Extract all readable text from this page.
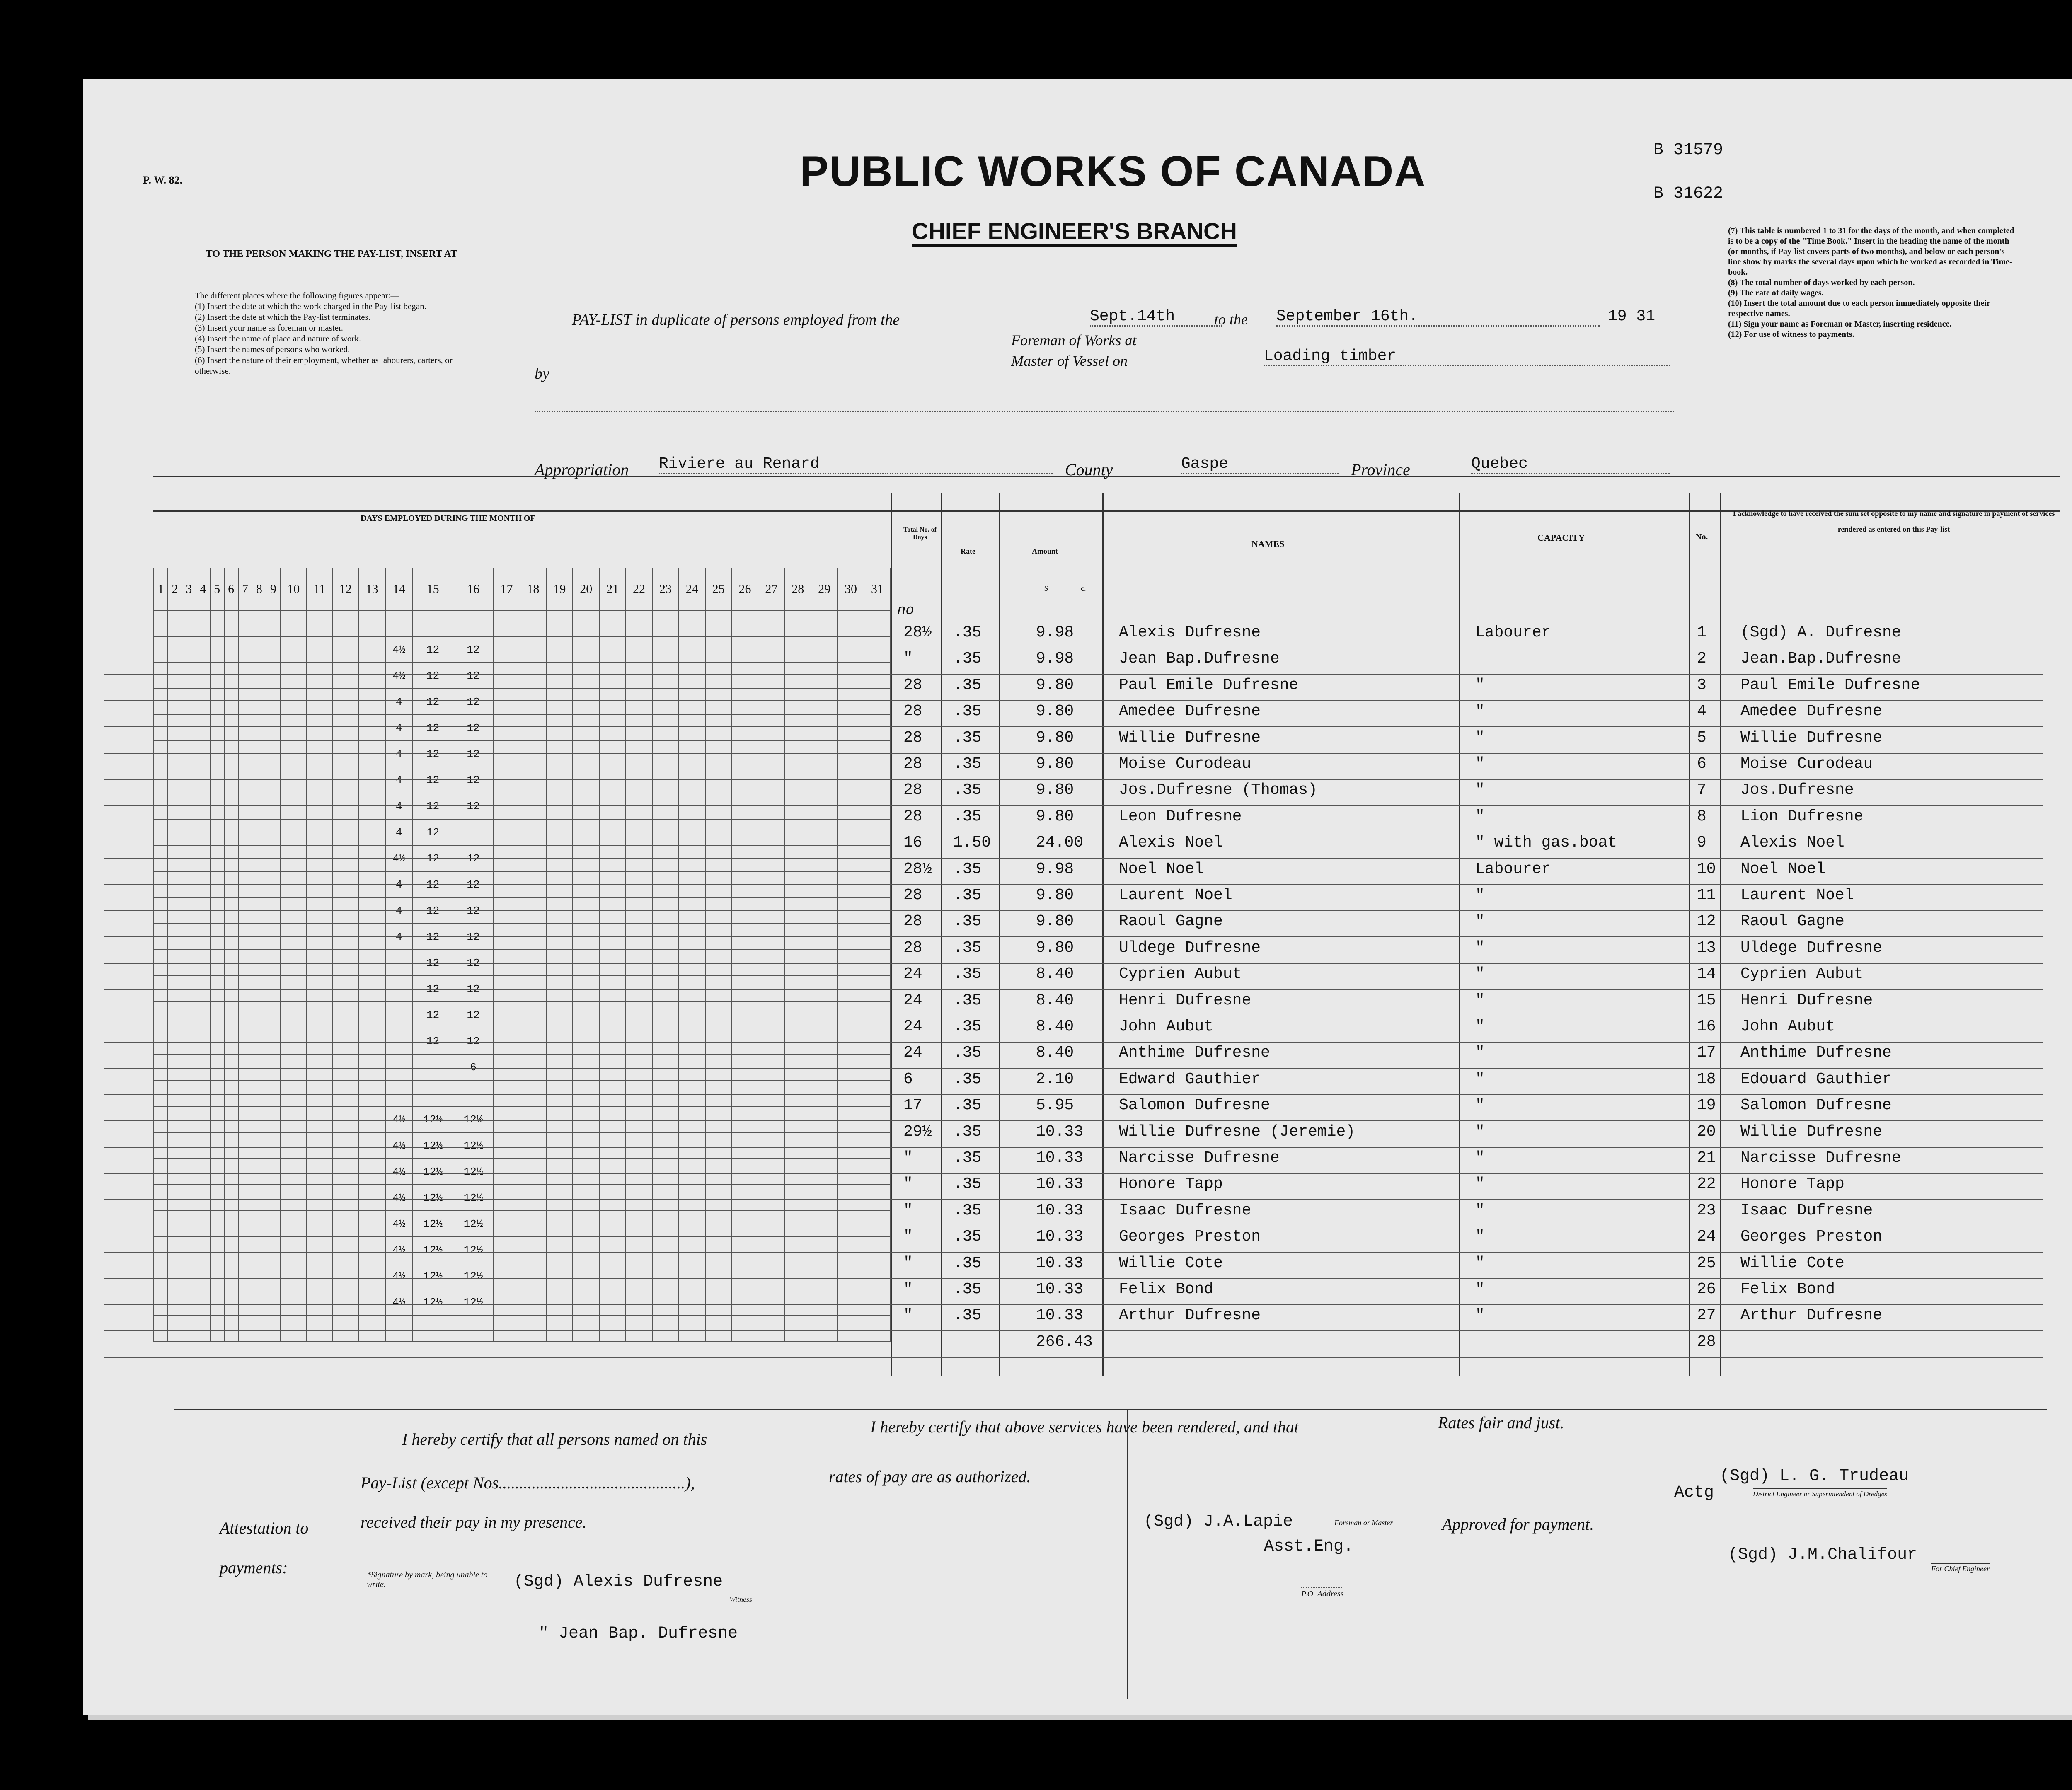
P. W. 82.	PUBLIC WORKS OF CANADA
CHIEF ENGINEER'S BRANCH
B 31579
B 31622
TO THE PERSON MAKING THE PAY-LIST, INSERT AT
The different places where the following figures appear:—
(1) Insert the date at which the work charged in the Pay-list began.
(2) Insert the date at which the Pay-list terminates.
(3) Insert your name as foreman or master.
(4) Insert the name of place and nature of work.
(5) Insert the names of persons who worked.
(6) Insert the nature of their employment, whether as labourers, carters, or otherwise.
(7) This table is numbered 1 to 31 for the days of the month, and when completed is to be a copy of the "Time Book." Insert in the heading the name of the month (or months, if Pay-list covers parts of two months), and below or each person's line show by marks the several days upon which he worked as recorded in Time-book.
(8) The total number of days worked by each person.
(9) The rate of daily wages.
(10) Insert the total amount due to each person immediately opposite their respective names.
(11) Sign your name as Foreman or Master, inserting residence.
(12) For use of witness to payments.
PAY-LIST in duplicate of persons employed from the	Sept.14th	to the September 16th.	19 31
by
Foreman of Works at
Master of Vessel on	Loading timber
Appropriation Riviere au Renard	County	Gaspe	Province	Quebec
DAYS EMPLOYED DURING THE MONTH OF
Total No. of Days
Rate	Amount
$	c.
NAMES
CAPACITY	No.
I acknowledge to have received the sum set opposite to my name and signature in payment of services rendered as entered on this Pay-list
no
1	2	3	4	5	6	7	8	9	10	11	12	13	14	15	16	17	18	19	20	21	22	23	24	25	26	27	28	29	30	31

													4½	12	12															
													4½	12	12															
													4	12	12															
													4	12	12															
													4	12	12															
													4	12	12															
													4	12	12															
													4	12																
													4½	12	12															
													4	12	12															
													4	12	12															
													4	12	12															
														12	12															
														12	12															
														12	12															
														12	12															
															6															

													4½	12½	12½															
													4½	12½	12½															
													4½	12½	12½															
													4½	12½	12½															
													4½	12½	12½															
													4½	12½	12½															
													4½	12½	12½															
													4½	12½	12½															

28½ .35	9.98	Alexis Dufresne	Labourer	1 (Sgd) A. Dufresne
"	.35	9.98	Jean Bap.Dufresne	2 Jean.Bap.Dufresne
28 .35	9.80	Paul Emile Dufresne	"	3 Paul Emile Dufresne
28 .35	9.80	Amedee Dufresne	"	4 Amedee Dufresne
28 .35	9.80	Willie Dufresne	"	5 Willie Dufresne
28 .35	9.80	Moise Curodeau	"	6 Moise Curodeau
28 .35	9.80	Jos.Dufresne (Thomas)	"	7 Jos.Dufresne
28 .35	9.80	Leon Dufresne	"	8 Lion Dufresne
16 1.50	24.00 Alexis Noel	" with gas.boat	9 Alexis Noel
28½ .35	9.98	Noel Noel	Labourer	10 Noel Noel
28 .35	9.80	Laurent Noel	"	11 Laurent Noel
28 .35	9.80	Raoul Gagne	"	12 Raoul Gagne
28 .35	9.80	Uldege Dufresne	"	13 Uldege Dufresne
24 .35	8.40	Cyprien Aubut	"	14 Cyprien Aubut
24 .35	8.40	Henri Dufresne	"	15 Henri Dufresne
24 .35	8.40	John Aubut	"	16 John Aubut
24 .35	8.40	Anthime Dufresne	"	17 Anthime Dufresne
6	.35	2.10	Edward Gauthier	"	18 Edouard Gauthier
17 .35	5.95	Salomon Dufresne	"	19 Salomon Dufresne
29½ .35	10.33 Willie Dufresne (Jeremie)	"	20 Willie Dufresne
"	.35	10.33 Narcisse Dufresne	"	21 Narcisse Dufresne
"	.35	10.33 Honore Tapp	"	22 Honore Tapp
"	.35	10.33 Isaac Dufresne	"	23 Isaac Dufresne
"	.35	10.33 Georges Preston	"	24 Georges Preston
"	.35	10.33 Willie Cote	"	25 Willie Cote
"	.35	10.33 Felix Bond	"	26 Felix Bond
"	.35	10.33 Arthur Dufresne	"	27 Arthur Dufresne
266.43	28
I hereby certify that all persons named on this
Pay-List (except Nos.............................................),
received their pay in my presence.
Attestation to payments:	*Signature by mark, being unable to write.	(Sgd) Alexis Dufresne
Witness
" Jean Bap. Dufresne
I hereby certify that above services have been rendered, and that
rates of pay are as authorized.
Rates fair and just.
(Sgd) J.A.Lapie	Foreman or Master
Asst.Eng.
P.O. Address
Approved for payment.
Actg
(Sgd) L. G. Trudeau
District Engineer or Superintendent of Dredges
(Sgd) J.M.Chalifour
For Chief Engineer
